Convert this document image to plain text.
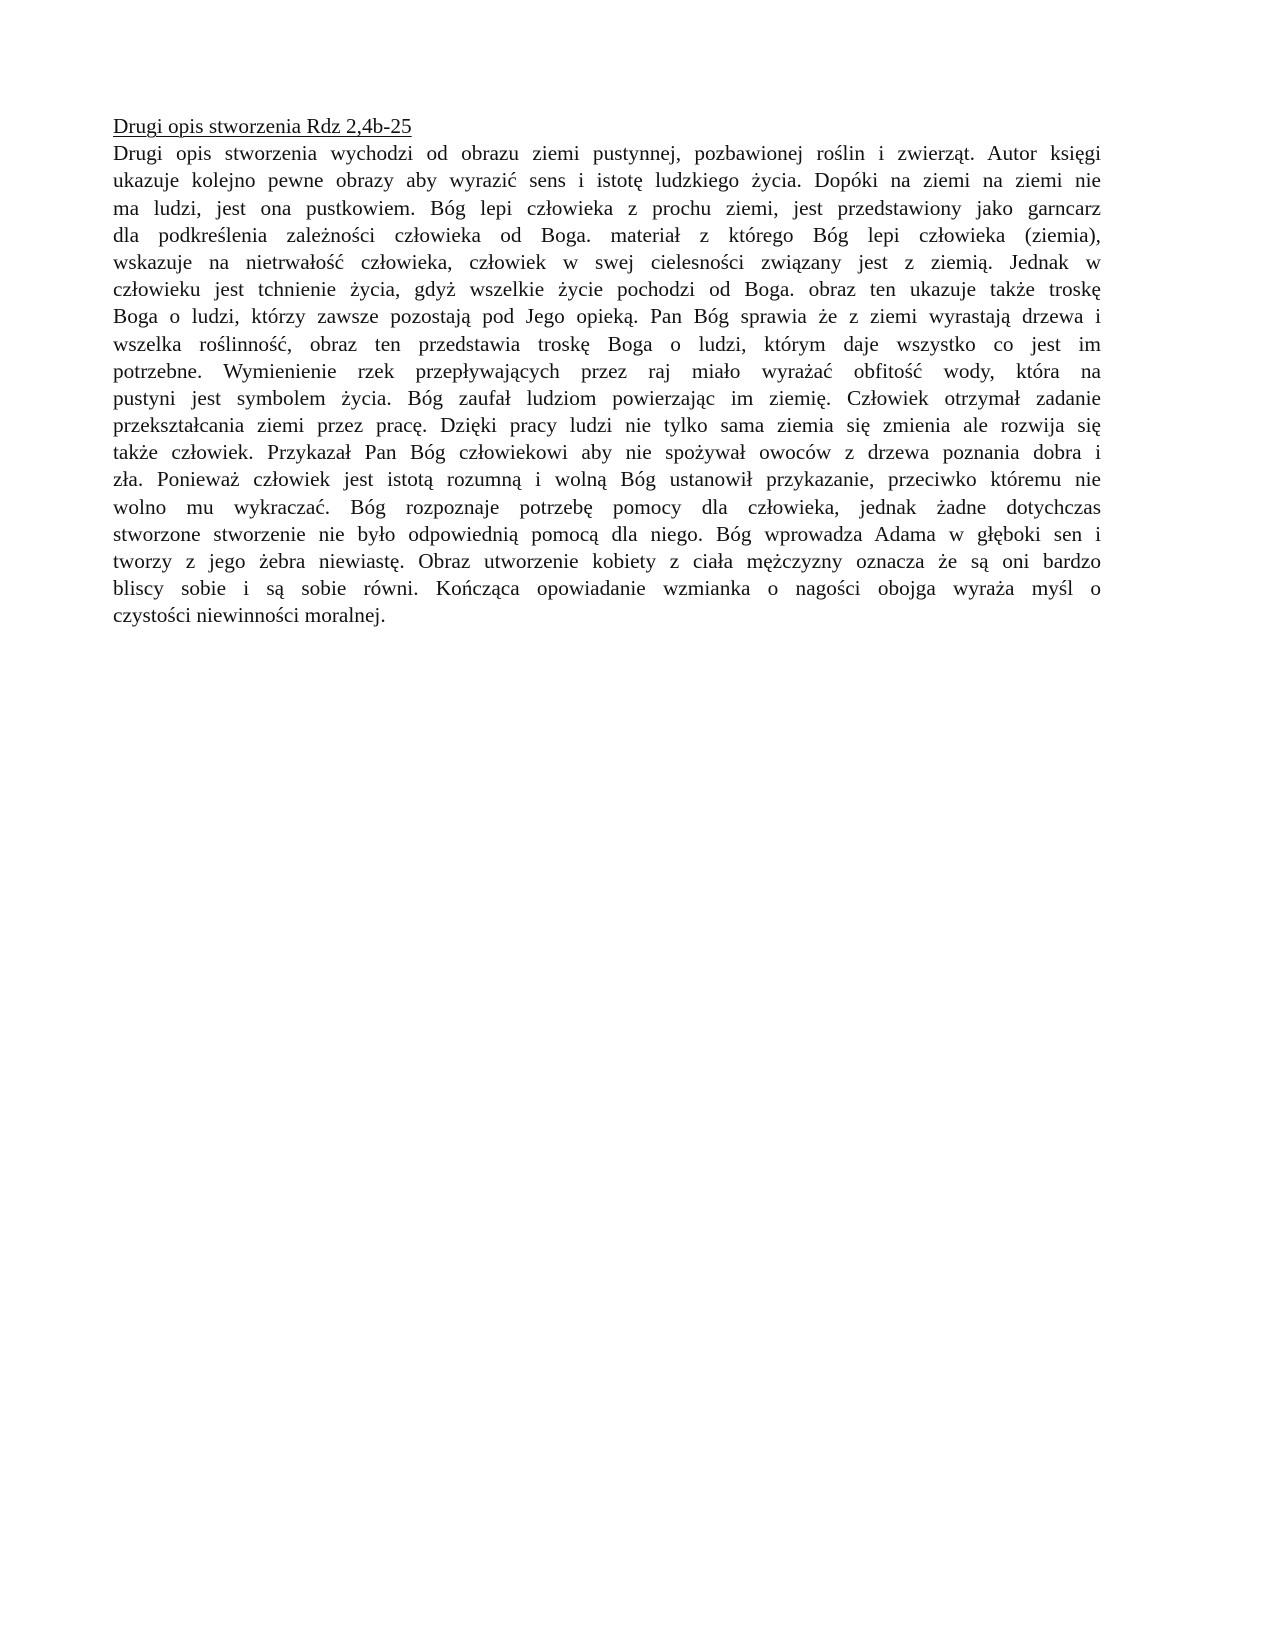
Drugi opis stworzenia Rdz 2,4b-25
Drugi opis stworzenia wychodzi od obrazu ziemi pustynnej, pozbawionej roślin i zwierząt. Autor księgi
ukazuje kolejno pewne obrazy aby wyrazić sens i istotę ludzkiego życia. Dopóki na ziemi na ziemi nie
ma ludzi, jest ona pustkowiem. Bóg lepi człowieka z prochu ziemi, jest przedstawiony jako garncarz
dla podkreślenia zależności człowieka od Boga. materiał z którego Bóg lepi człowieka (ziemia),
wskazuje na nietrwałość człowieka, człowiek w swej cielesności związany jest z ziemią. Jednak w
człowieku jest tchnienie życia, gdyż wszelkie życie pochodzi od Boga. obraz ten ukazuje także troskę
Boga o ludzi, którzy zawsze pozostają pod Jego opieką. Pan Bóg sprawia że z ziemi wyrastają drzewa i
wszelka roślinność, obraz ten przedstawia troskę Boga o ludzi, którym daje wszystko co jest im
potrzebne. Wymienienie rzek przepływających przez raj miało wyrażać obfitość wody, która na
pustyni jest symbolem życia. Bóg zaufał ludziom powierzając im ziemię. Człowiek otrzymał zadanie
przekształcania ziemi przez pracę. Dzięki pracy ludzi nie tylko sama ziemia się zmienia ale rozwija się
także człowiek. Przykazał Pan Bóg człowiekowi aby nie spożywał owoców z drzewa poznania dobra i
zła. Ponieważ człowiek jest istotą rozumną i wolną Bóg ustanowił przykazanie, przeciwko któremu nie
wolno mu wykraczać. Bóg rozpoznaje potrzebę pomocy dla człowieka, jednak żadne dotychczas
stworzone stworzenie nie było odpowiednią pomocą dla niego. Bóg wprowadza Adama w głęboki sen i
tworzy z jego żebra niewiastę. Obraz utworzenie kobiety z ciała mężczyzny oznacza że są oni bardzo
bliscy sobie i są sobie równi. Kończąca opowiadanie wzmianka o nagości obojga wyraża myśl o
czystości niewinności moralnej.
